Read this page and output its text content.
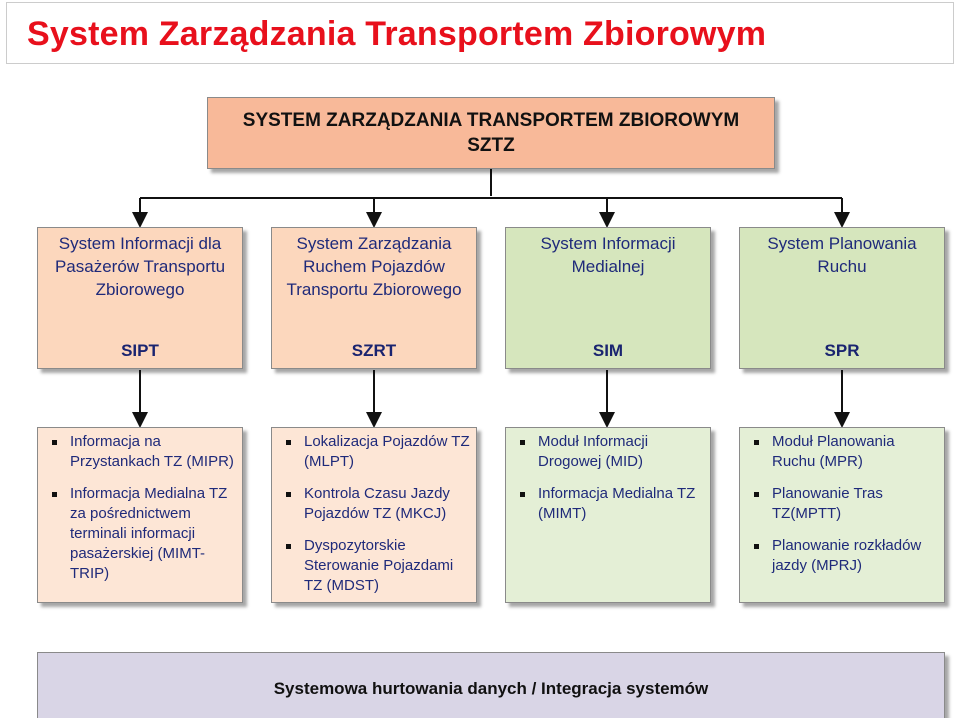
System Zarządzania Transportem Zbiorowym
SYSTEM ZARZĄDZANIA TRANSPORTEM ZBIOROWYM
SZTZ
System Informacji dla
Pasażerów Transportu
Zbiorowego
SIPT
System Zarządzania
Ruchem Pojazdów
Transportu Zbiorowego
SZRT
System Informacji
Medialnej
SIM
System Planowania
Ruchu
SPR
Informacja na
Przystankach TZ (MIPR)
Informacja Medialna TZ
za pośrednictwem
terminali informacji
pasażerskiej (MIMT-
TRIP)
Lokalizacja Pojazdów TZ
(MLPT)
Kontrola Czasu Jazdy
Pojazdów TZ (MKCJ)
Dyspozytorskie
Sterowanie Pojazdami
TZ (MDST)
Moduł Informacji
Drogowej (MID)
Informacja Medialna TZ
(MIMT)
Moduł Planowania
Ruchu (MPR)
Planowanie Tras
TZ(MPTT)
Planowanie rozkładów
jazdy (MPRJ)
Systemowa hurtowania danych / Integracja systemów
